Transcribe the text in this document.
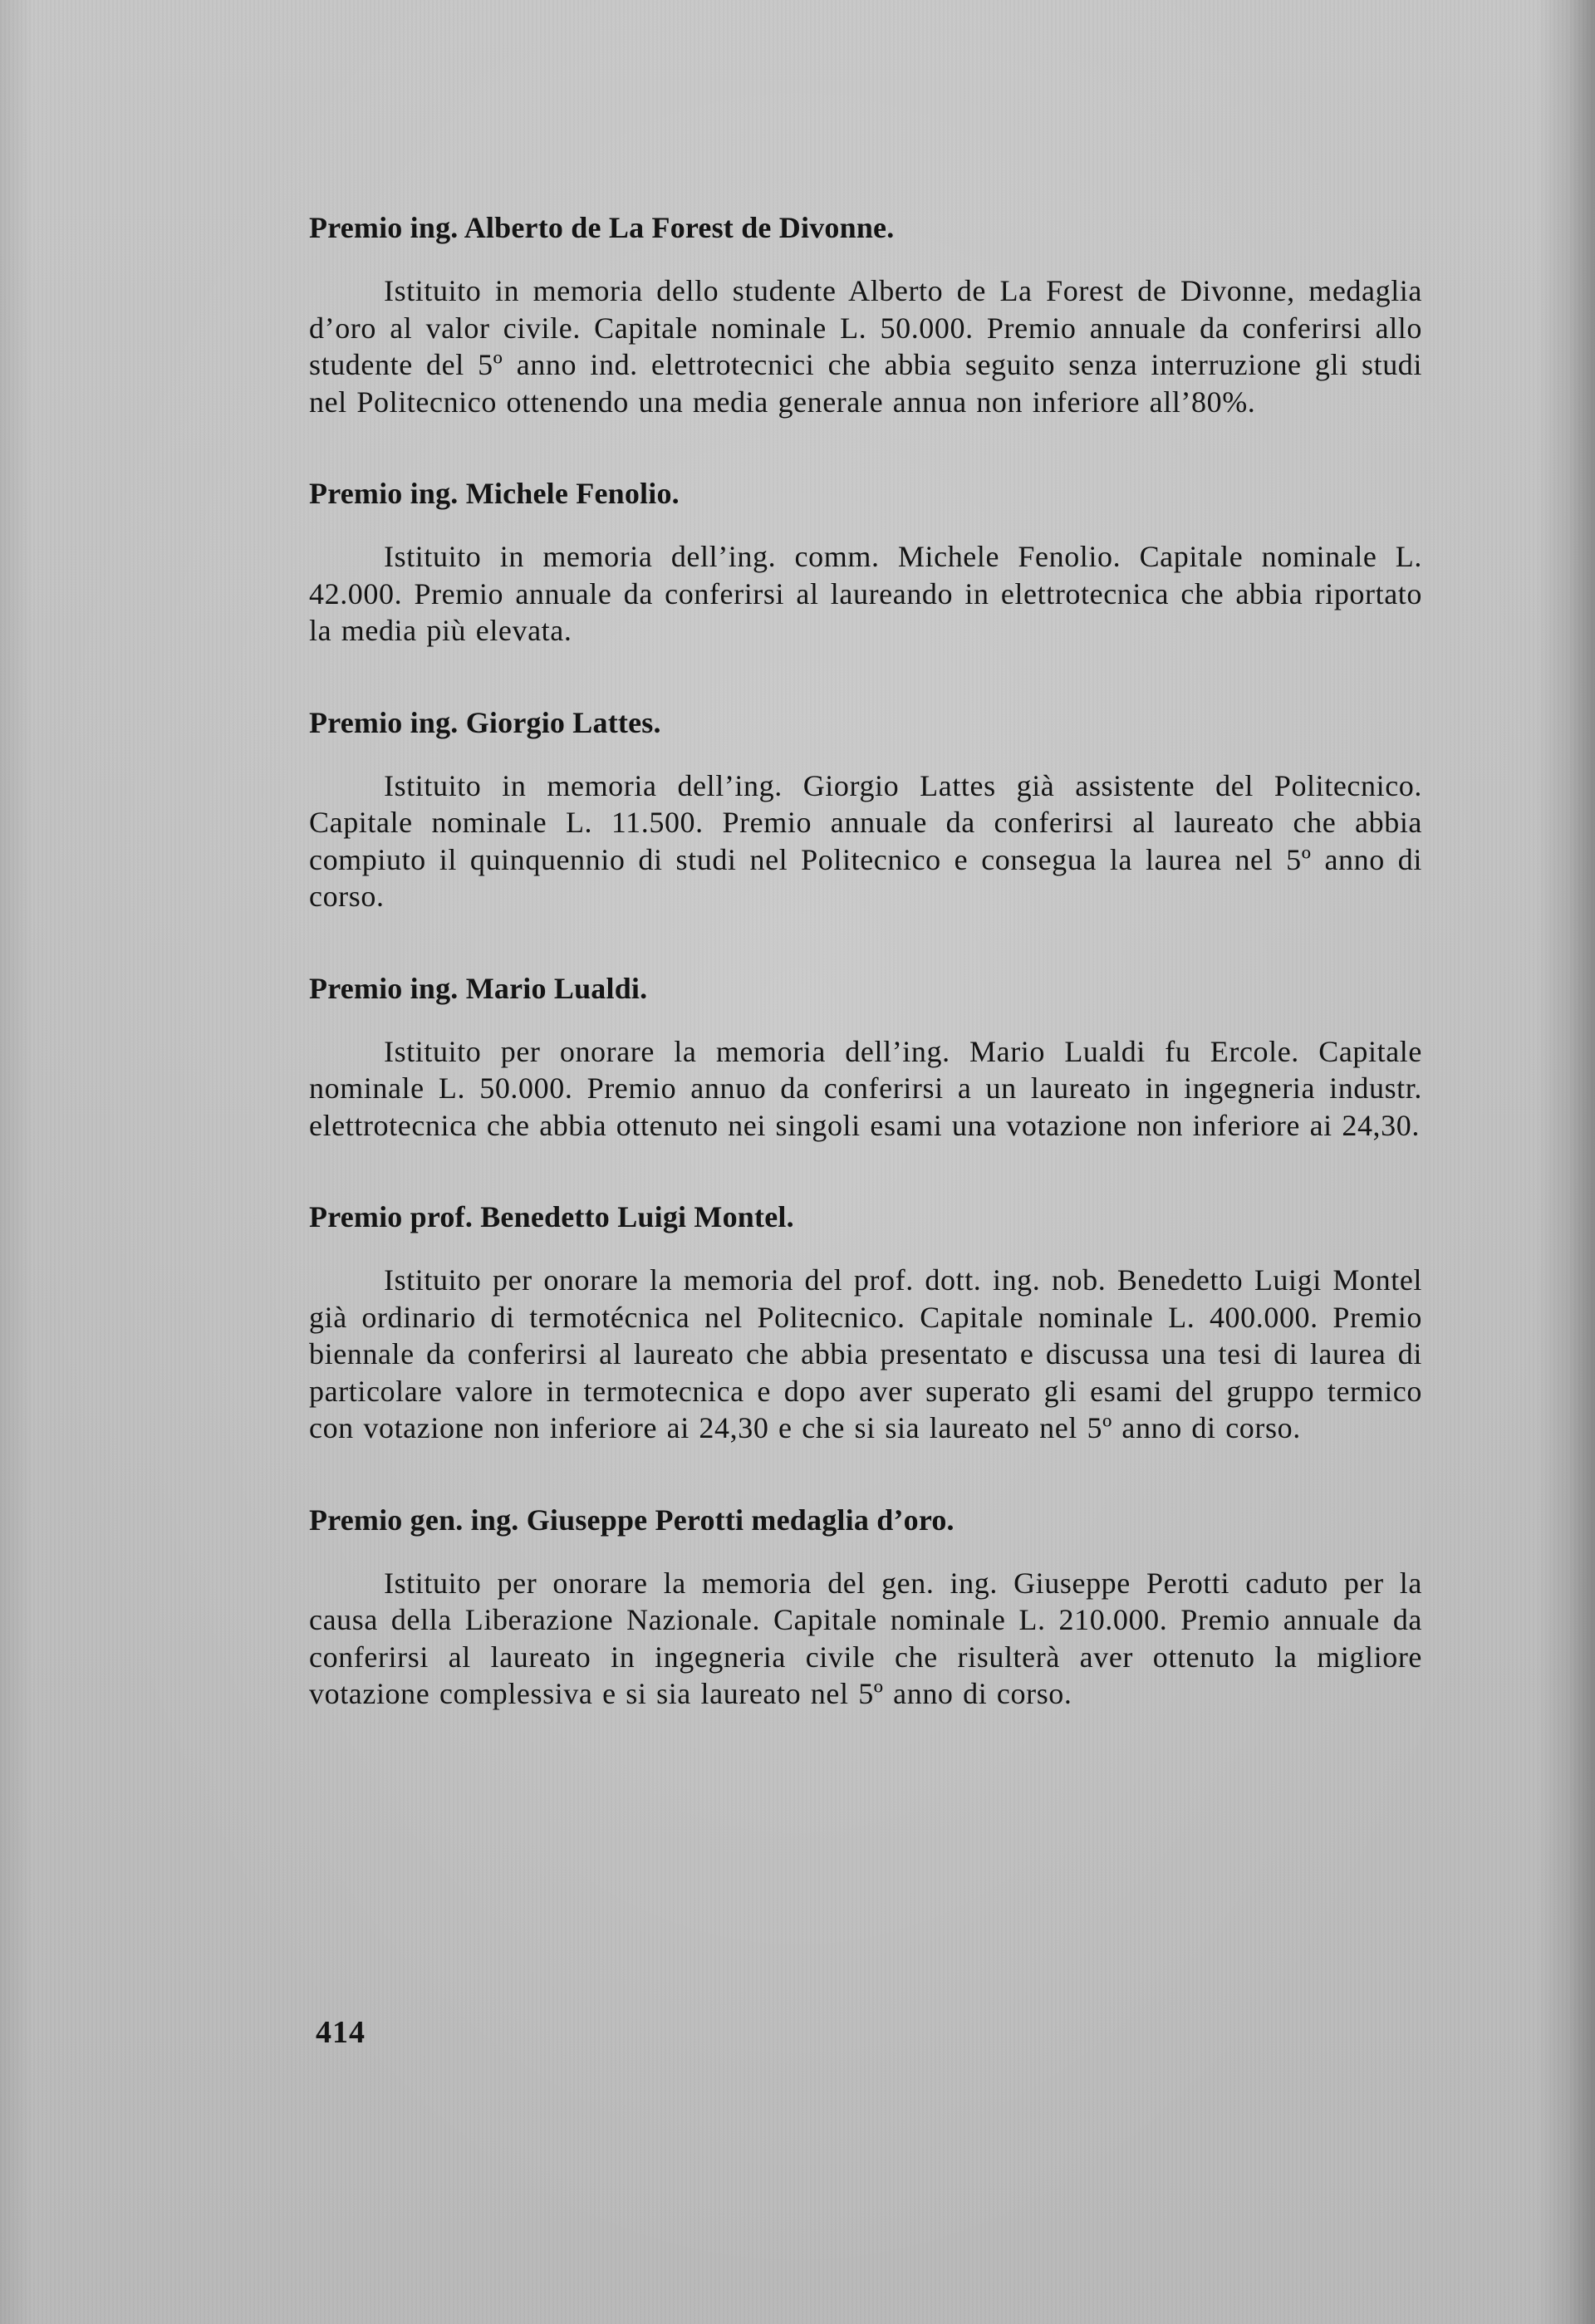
Premio ing. Alberto de La Forest de Divonne.

Istituito in memoria dello studente Alberto de La Forest de Divonne, medaglia d’oro al valor civile. Capitale nominale L. 50.000. Premio annuale da conferirsi allo studente del 5º anno ind. elettrotecnici che abbia seguito senza interruzione gli studi nel Politecnico ottenendo una media generale annua non inferiore all’80%.

Premio ing. Michele Fenolio.

Istituito in memoria dell’ing. comm. Michele Fenolio. Capitale nominale L. 42.000. Premio annuale da conferirsi al laureando in elettrotecnica che abbia riportato la media più elevata.

Premio ing. Giorgio Lattes.

Istituito in memoria dell’ing. Giorgio Lattes già assistente del Politecnico. Capitale nominale L. 11.500. Premio annuale da conferirsi al laureato che abbia compiuto il quinquennio di studi nel Politecnico e consegua la laurea nel 5º anno di corso.

Premio ing. Mario Lualdi.

Istituito per onorare la memoria dell’ing. Mario Lualdi fu Ercole. Capitale nominale L. 50.000. Premio annuo da conferirsi a un laureato in ingegneria industr. elettrotecnica che abbia ottenuto nei singoli esami una votazione non inferiore ai 24,30.

Premio prof. Benedetto Luigi Montel.

Istituito per onorare la memoria del prof. dott. ing. nob. Benedetto Luigi Montel già ordinario di termotécnica nel Politecnico. Capitale nominale L. 400.000. Premio biennale da conferirsi al laureato che abbia presentato e discussa una tesi di laurea di particolare valore in termotecnica e dopo aver superato gli esami del gruppo termico con votazione non inferiore ai 24,30 e che si sia laureato nel 5º anno di corso.

Premio gen. ing. Giuseppe Perotti medaglia d’oro.

Istituito per onorare la memoria del gen. ing. Giuseppe Perotti caduto per la causa della Liberazione Nazionale. Capitale nominale L. 210.000. Premio annuale da conferirsi al laureato in ingegneria civile che risulterà aver ottenuto la migliore votazione complessiva e si sia laureato nel 5º anno di corso.

414
